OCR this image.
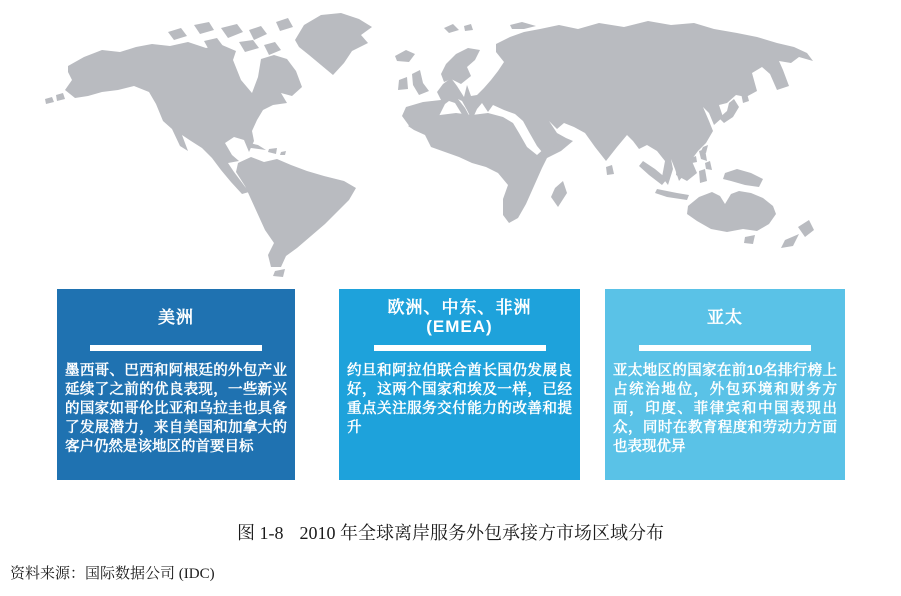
美洲

墨西哥、巴西和阿根廷的外包产业延续了之前的优良表现，一些新兴的国家如哥伦比亚和乌拉圭也具备了发展潜力，来自美国和加拿大的客户仍然是该地区的首要目标

欧洲、中东、非洲
(EMEA)

约旦和阿拉伯联合酋长国仍发展良好，这两个国家和埃及一样，已经重点关注服务交付能力的改善和提升

亚太

亚太地区的国家在前10名排行榜上占统治地位，外包环境和财务方面，印度、菲律宾和中国表现出众，同时在教育程度和劳动力方面也表现优异

图 1-8 2010 年全球离岸服务外包承接方市场区域分布
资料来源：国际数据公司 (IDC)
